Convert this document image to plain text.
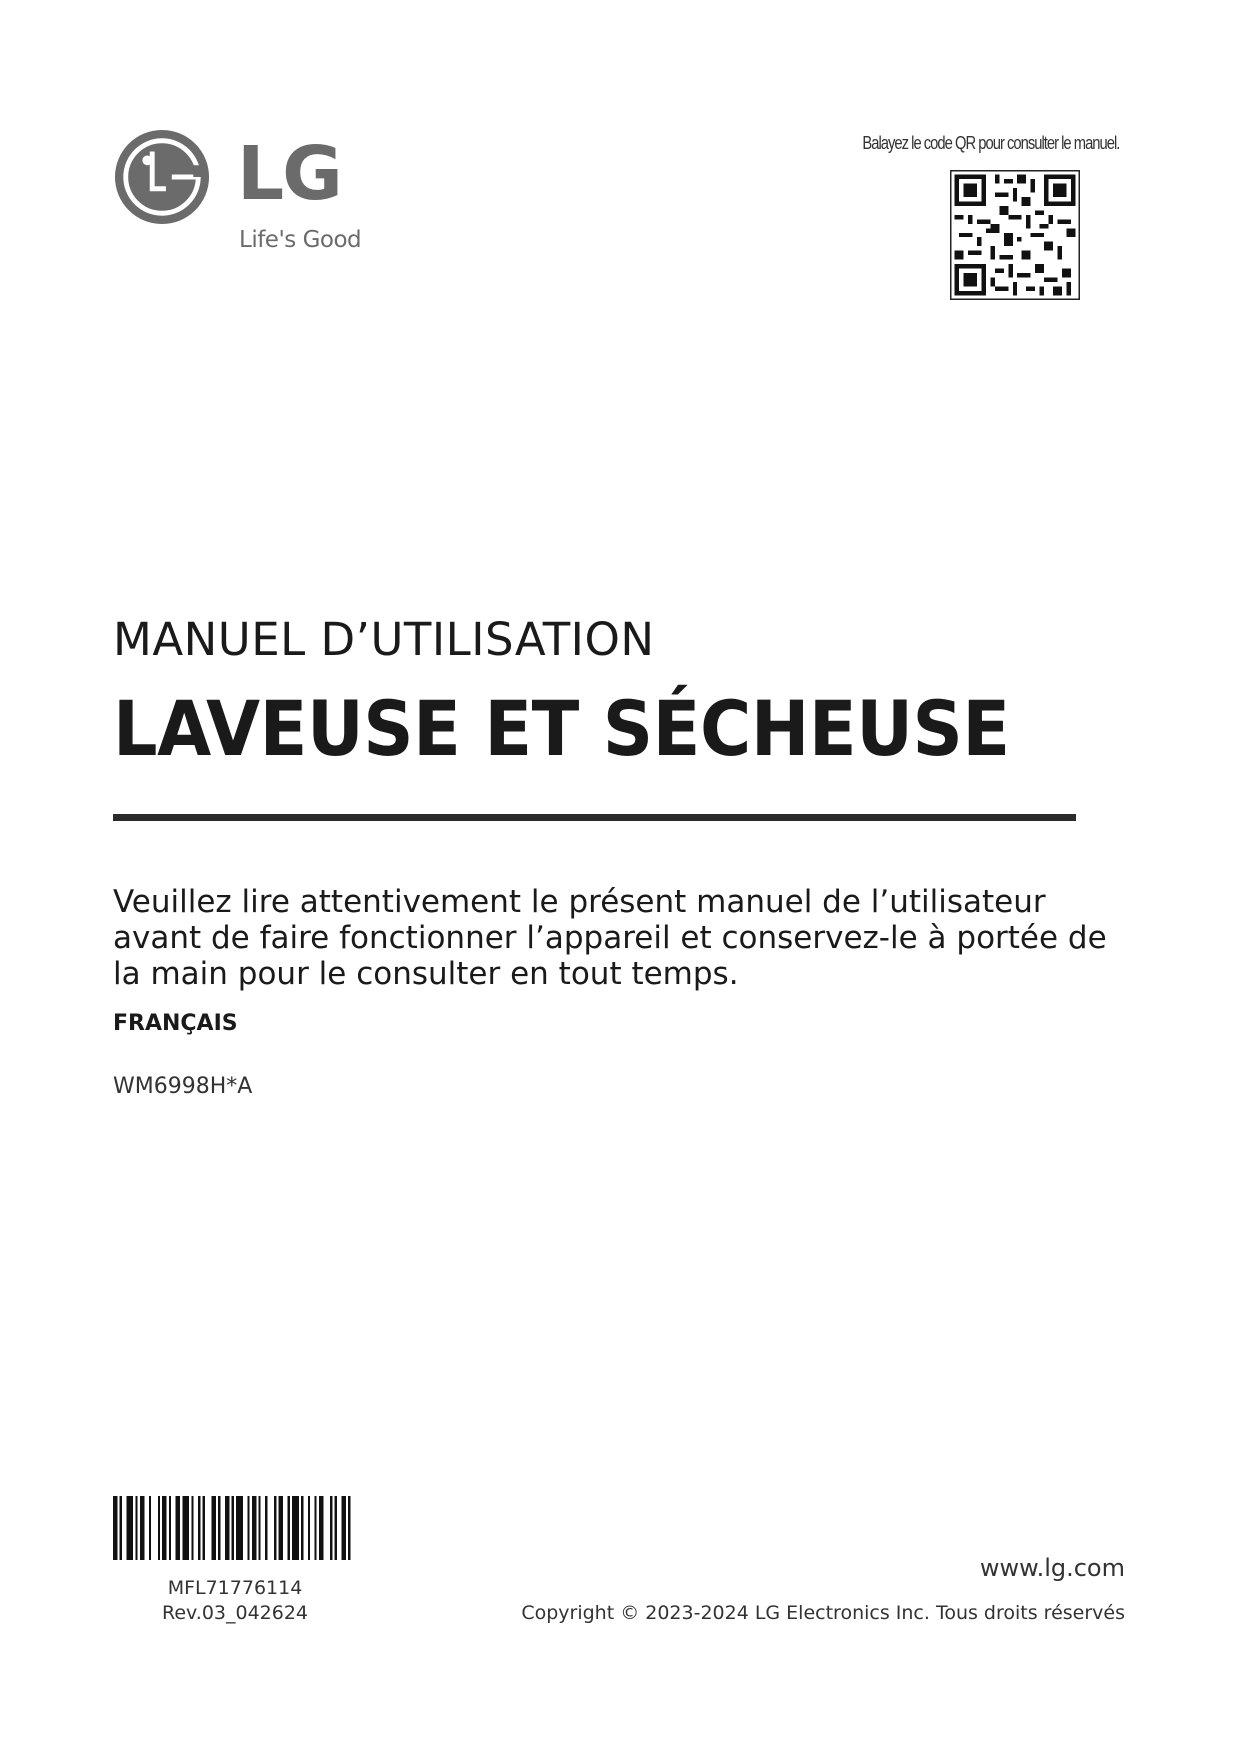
LG
Life's Good
Balayez le code QR pour consulter le manuel.
MANUEL D’UTILISATION
LAVEUSE ET SÉCHEUSE
Veuillez lire attentivement le présent manuel de l’utilisateur
avant de faire fonctionner l’appareil et conservez-le à portée de
la main pour le consulter en tout temps.
FRANÇAIS
WM6998H*A
MFL71776114
Rev.03_042624
www.lg.com
Copyright © 2023-2024 LG Electronics Inc. Tous droits réservés
